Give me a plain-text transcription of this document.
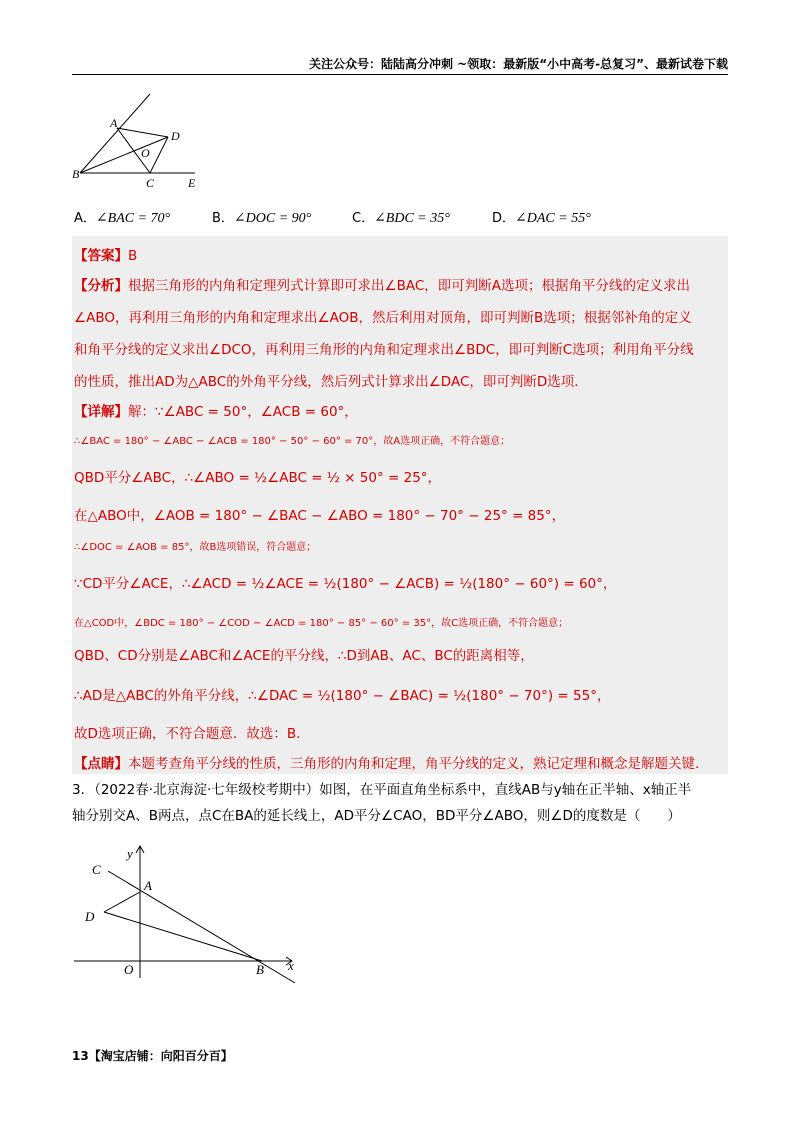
关注公众号：陆陆高分冲刺 ~领取：最新版“小中高考-总复习”、最新试卷下载
A
D
O
B
C	E
A．∠BAC = 70°	B．∠DOC = 90°	C．∠BDC = 35°	D．∠DAC = 55°
【答案】B
【分析】根据三角形的内角和定理列式计算即可求出∠BAC，即可判断A选项；根据角平分线的定义求出
∠ABO，再利用三角形的内角和定理求出∠AOB，然后利用对顶角，即可判断B选项；根据邻补角的定义
和角平分线的定义求出∠DCO，再利用三角形的内角和定理求出∠BDC，即可判断C选项；利用角平分线
的性质，推出AD为△ABC的外角平分线，然后列式计算求出∠DAC，即可判断D选项.
【详解】解：∵∠ABC = 50°，∠ACB = 60°，
∴∠BAC = 180° − ∠ABC − ∠ACB = 180° − 50° − 60° = 70°，故A选项正确，不符合题意；
QBD平分∠ABC，∴∠ABO = ½∠ABC = ½ × 50° = 25°，
在△ABO中，∠AOB = 180° − ∠BAC − ∠ABO = 180° − 70° − 25° = 85°，
∴∠DOC = ∠AOB = 85°，故B选项错误，符合题意；
∵CD平分∠ACE，∴∠ACD = ½∠ACE = ½(180° − ∠ACB) = ½(180° − 60°) = 60°，
在△COD中，∠BDC = 180° − ∠COD − ∠ACD = 180° − 85° − 60° = 35°，故C选项正确，不符合题意；
QBD、CD分别是∠ABC和∠ACE的平分线，∴D到AB、AC、BC的距离相等，
∴AD是△ABC的外角平分线，∴∠DAC = ½(180° − ∠BAC) = ½(180° − 70°) = 55°，
故D选项正确，不符合题意．故选：B.
【点睛】本题考查角平分线的性质，三角形的内角和定理，角平分线的定义，熟记定理和概念是解题关键.
3．（2022春·北京海淀·七年级校考期中）如图，在平面直角坐标系中，直线AB与y轴在正半轴、x轴正半
轴分别交A、B两点，点C在BA的延长线上，AD平分∠CAO，BD平分∠ABO，则∠D的度数是（　　）
y
C
A
D
O	B x
13【淘宝店铺：向阳百分百】
